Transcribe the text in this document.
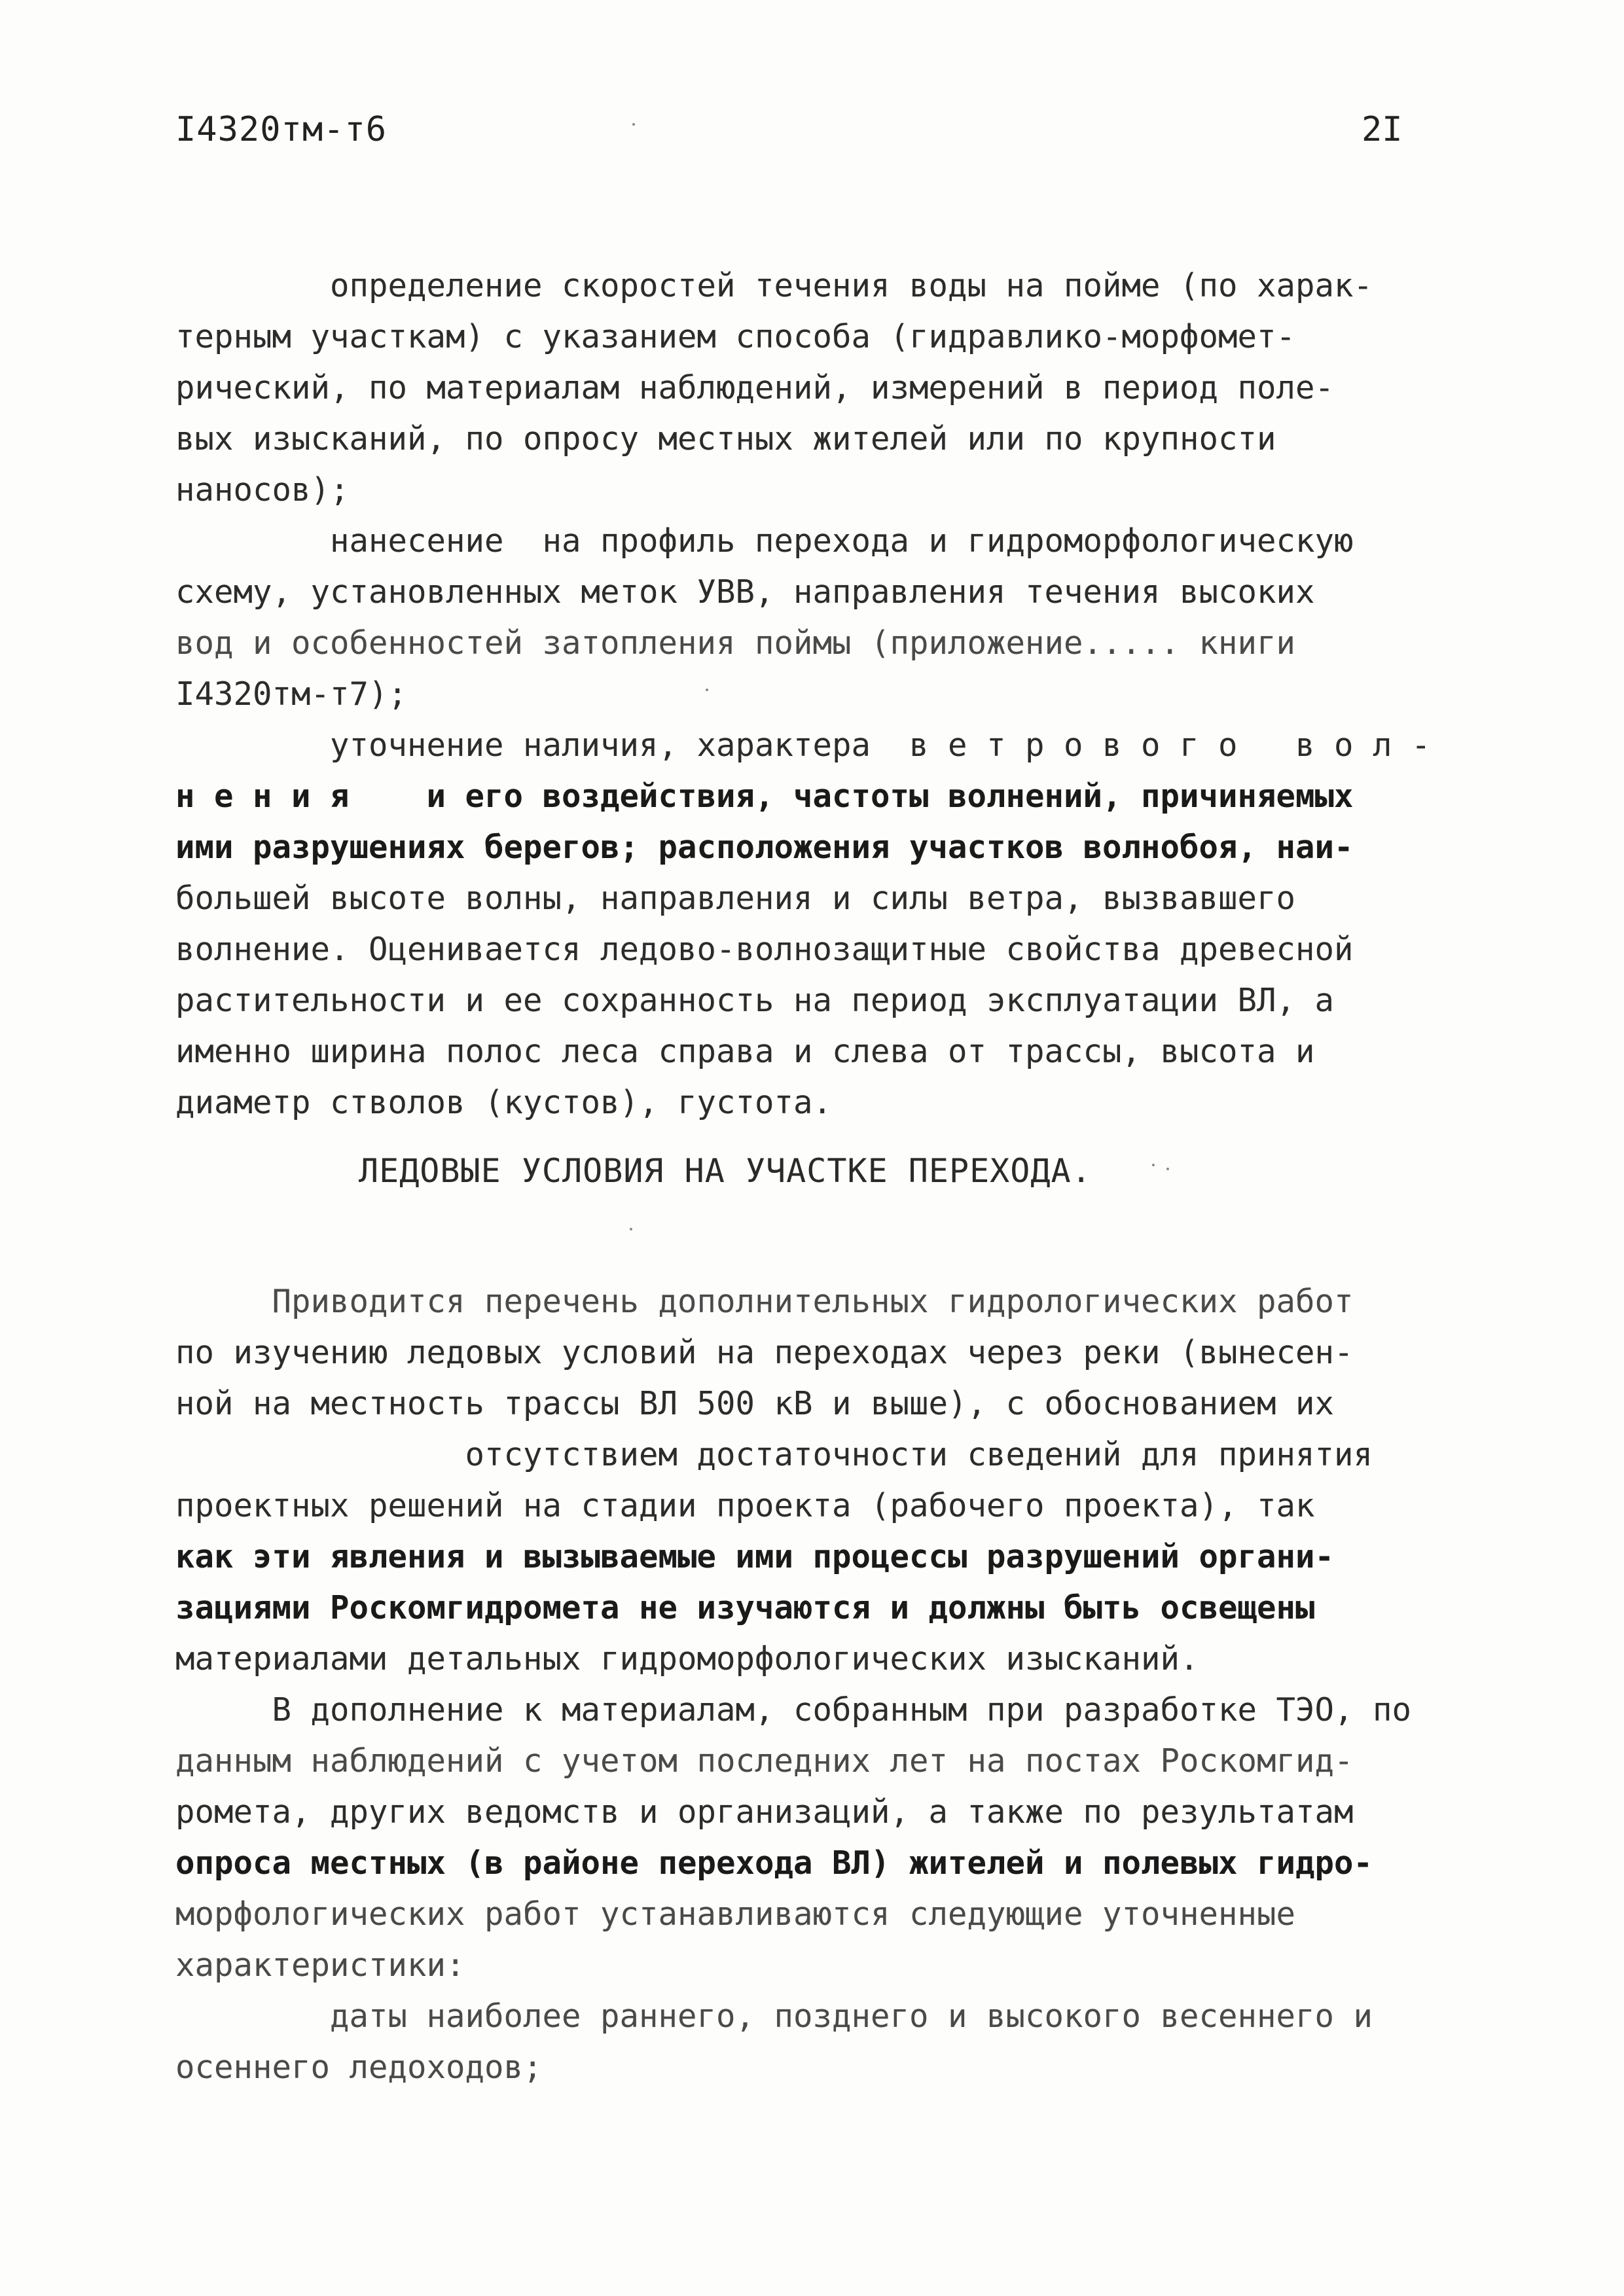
I4320тм-т6	2I
определение скоростей течения воды на пойме (по харак-
терным участкам) с указанием способа (гидравлико-морфомет-
рический, по материалам наблюдений, измерений в период поле-
вых изысканий, по опросу местных жителей или по крупности
наносов);
нанесение  на профиль перехода и гидроморфологическую
схему, установленных меток УВВ, направления течения высоких
вод и особенностей затопления поймы (приложение..... книги
I4320тм-т7);
уточнение наличия, характера  в е т р о в о г о   в о л -
н е н и я    и его воздействия, частоты волнений, причиняемых
ими разрушениях берегов; расположения участков волнобоя, наи-
большей высоте волны, направления и силы ветра, вызвавшего
волнение. Оценивается ледово-волнозащитные свойства древесной
растительности и ее сохранность на период эксплуатации ВЛ, а
именно ширина полос леса справа и слева от трассы, высота и
диаметр стволов (кустов), густота.
ЛЕДОВЫЕ УСЛОВИЯ НА УЧАСТКЕ ПЕРЕХОДА.
Приводится перечень дополнительных гидрологических работ
по изучению ледовых условий на переходах через реки (вынесен-
ной на местность трассы ВЛ 500 кВ и выше), с обоснованием их
отсутствием достаточности сведений для принятия
проектных решений на стадии проекта (рабочего проекта), так
как эти явления и вызываемые ими процессы разрушений органи-
зациями Роскомгидромета не изучаются и должны быть освещены
материалами детальных гидроморфологических изысканий.
В дополнение к материалам, собранным при разработке ТЭО, по
данным наблюдений с учетом последних лет на постах Роскомгид-
ромета, других ведомств и организаций, а также по результатам
опроса местных (в районе перехода ВЛ) жителей и полевых гидро-
морфологических работ устанавливаются следующие уточненные
характеристики:
даты наиболее раннего, позднего и высокого весеннего и
осеннего ледоходов;
